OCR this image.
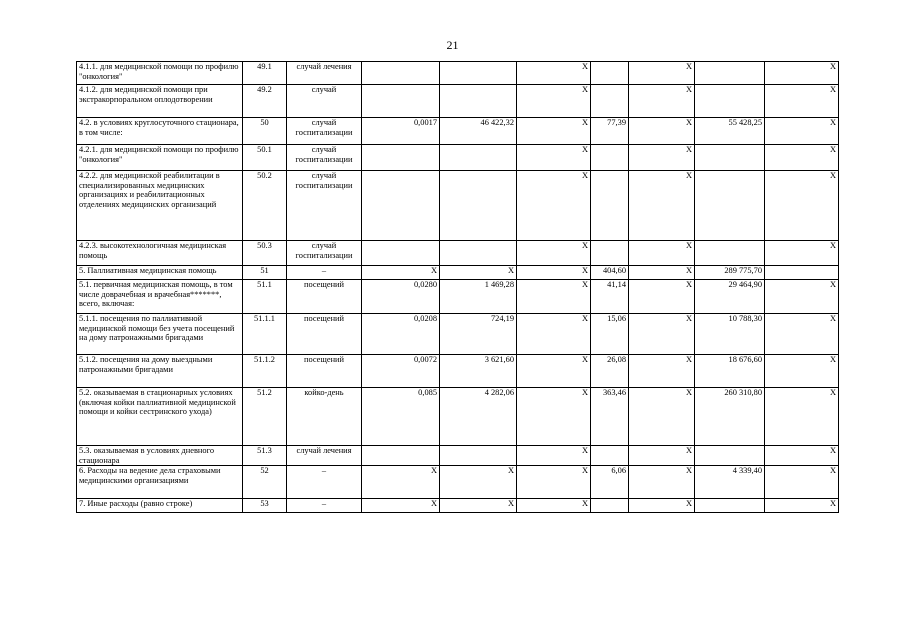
21
4.1.1. для медицинской помощи по профилю "онкология"	49.1	случай лечения			X		X		X
4.1.2. для медицинской помощи при экстракорпоральном оплодотворении	49.2	случай			X		X		X
4.2. в условиях круглосуточного стационара, в том числе:	50	случай госпитализации	0,0017	46 422,32	X	77,39	X	55 428,25	X
4.2.1. для медицинской помощи по профилю "онкология"	50.1	случай госпитализации			X		X		X
4.2.2. для медицинской реабилитации в специализированных медицинских организациях и реабилитационных отделениях медицинских организаций	50.2	случай госпитализации			X		X		X
4.2.3. высокотехнологичная медицинская помощь	50.3	случай госпитализации			X		X		X
5. Паллиативная медицинская помощь	51	–	X	X	X	404,60	X	289 775,70	
5.1. первичная медицинская помощь, в том числе доврачебная и врачебная*******, всего, включая:	51.1	посещений	0,0280	1 469,28	X	41,14	X	29 464,90	X
5.1.1. посещения по паллиативной медицинской помощи без учета посещений на дому патронажными бригадами	51.1.1	посещений	0,0208	724,19	X	15,06	X	10 788,30	X
5.1.2. посещения на дому выездными патронажными бригадами	51.1.2	посещений	0,0072	3 621,60	X	26,08	X	18 676,60	X
5.2. оказываемая в стационарных условиях (включая койки паллиативной медицинской помощи и койки сестринского ухода)	51.2	койко-день	0,085	4 282,06	X	363,46	X	260 310,80	X
5.3. оказываемая в условиях дневного стационара	51.3	случай лечения			X		X		X
6. Расходы на ведение дела страховыми медицинскими организациями	52	–	X	X	X	6,06	X	4 339,40	X
7. Иные расходы (равно строке)	53	–	X	X	X		X		X
